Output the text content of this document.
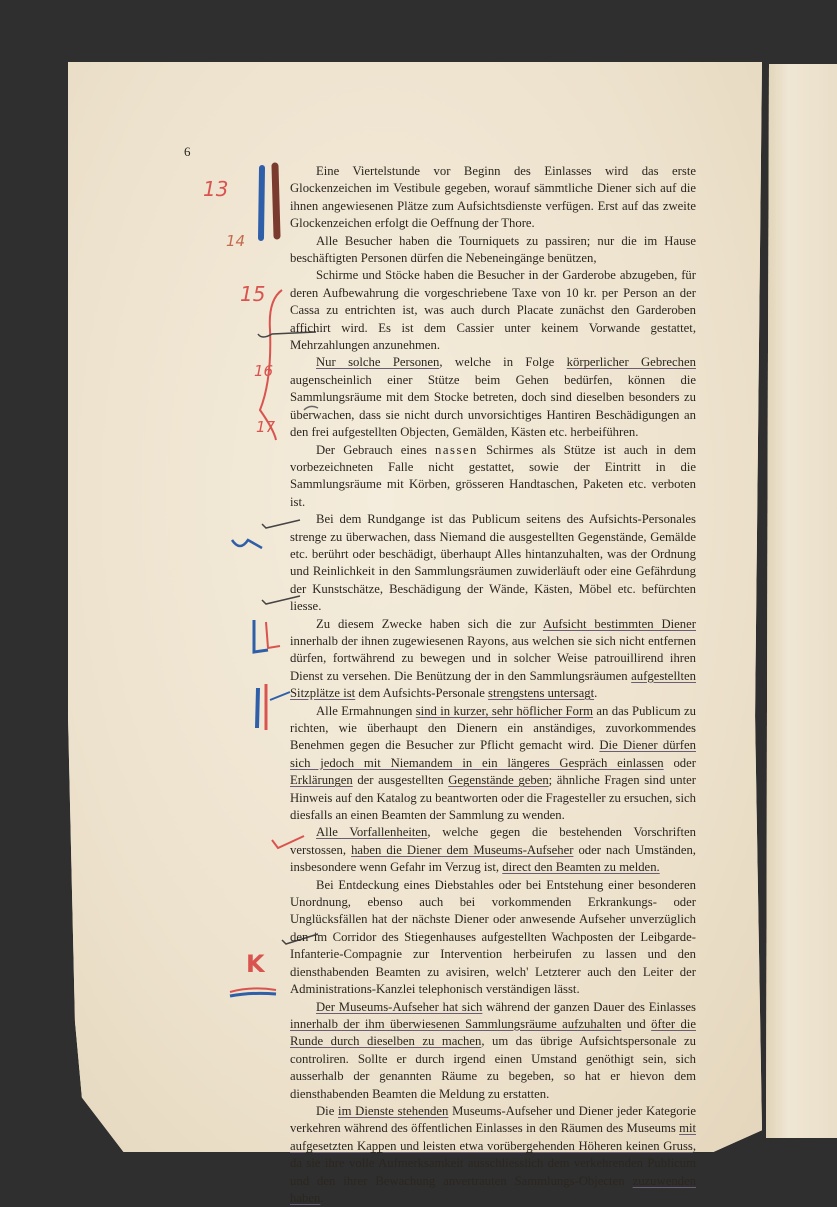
6
13
14
15
16
17
K

Eine Viertelstunde vor Beginn des Einlasses wird das erste Glockenzeichen im Vestibule gegeben, worauf sämmtliche Diener sich auf die ihnen angewiesenen Plätze zum Aufsichtsdienste verfügen. Erst auf das zweite Glockenzeichen erfolgt die Oeffnung der Thore.

Alle Besucher haben die Tourniquets zu passiren; nur die im Hause beschäftigten Personen dürfen die Nebeneingänge benützen,

Schirme und Stöcke haben die Besucher in der Garderobe abzugeben, für deren Aufbewahrung die vorgeschriebene Taxe von 10 kr. per Person an der Cassa zu entrichten ist, was auch durch Placate zunächst den Garderoben affichirt wird. Es ist dem Cassier unter keinem Vorwande gestattet, Mehrzahlungen anzunehmen.

Nur solche Personen, welche in Folge körperlicher Gebrechen augenscheinlich einer Stütze beim Gehen bedürfen, können die Sammlungsräume mit dem Stocke betreten, doch sind dieselben besonders zu überwachen, dass sie nicht durch unvorsichtiges Hantiren Beschädigungen an den frei aufgestellten Objecten, Gemälden, Kästen etc. herbeiführen.

Der Gebrauch eines nassen Schirmes als Stütze ist auch in dem vorbezeichneten Falle nicht gestattet, sowie der Eintritt in die Sammlungsräume mit Körben, grösseren Handtaschen, Paketen etc. verboten ist.

Bei dem Rundgange ist das Publicum seitens des Aufsichts-Personales strenge zu überwachen, dass Niemand die ausgestellten Gegenstände, Gemälde etc. berührt oder beschädigt, überhaupt Alles hintanzuhalten, was der Ordnung und Reinlichkeit in den Sammlungsräumen zuwiderläuft oder eine Gefährdung der Kunstschätze, Beschädigung der Wände, Kästen, Möbel etc. befürchten liesse.

Zu diesem Zwecke haben sich die zur Aufsicht bestimmten Diener innerhalb der ihnen zugewiesenen Rayons, aus welchen sie sich nicht entfernen dürfen, fortwährend zu bewegen und in solcher Weise patrouillirend ihren Dienst zu versehen. Die Benützung der in den Sammlungsräumen aufgestellten Sitzplätze ist dem Aufsichts-Personale strengstens untersagt.

Alle Ermahnungen sind in kurzer, sehr höflicher Form an das Publicum zu richten, wie überhaupt den Dienern ein anständiges, zuvorkommendes Benehmen gegen die Besucher zur Pflicht gemacht wird. Die Diener dürfen sich jedoch mit Niemandem in ein längeres Gespräch einlassen oder Erklärungen der ausgestellten Gegenstände geben; ähnliche Fragen sind unter Hinweis auf den Katalog zu beantworten oder die Fragesteller zu ersuchen, sich diesfalls an einen Beamten der Sammlung zu wenden.

Alle Vorfallenheiten, welche gegen die bestehenden Vorschriften verstossen, haben die Diener dem Museums-Aufseher oder nach Umständen, insbesondere wenn Gefahr im Verzug ist, direct den Beamten zu melden.

Bei Entdeckung eines Diebstahles oder bei Entstehung einer besonderen Unordnung, ebenso auch bei vorkommenden Erkrankungs- oder Unglücksfällen hat der nächste Diener oder anwesende Aufseher unverzüglich den im Corridor des Stiegenhauses aufgestellten Wachposten der Leibgarde-Infanterie-Compagnie zur Intervention herbeirufen zu lassen und den diensthabenden Beamten zu avisiren, welch' Letzterer auch den Leiter der Administrations-Kanzlei telephonisch verständigen lässt.

Der Museums-Aufseher hat sich während der ganzen Dauer des Einlasses innerhalb der ihm überwiesenen Sammlungsräume aufzuhalten und öfter die Runde durch dieselben zu machen, um das übrige Aufsichtspersonale zu controliren. Sollte er durch irgend einen Umstand genöthigt sein, sich ausserhalb der genannten Räume zu begeben, so hat er hievon dem diensthabenden Beamten die Meldung zu erstatten.

Die im Dienste stehenden Museums-Aufseher und Diener jeder Kategorie verkehren während des öffentlichen Einlasses in den Räumen des Museums mit aufgesetzten Kappen und leisten etwa vorübergehenden Höheren keinen Gruss, da sie ihre volle Aufmerksamkeit ausschliesslich dem verkehrenden Publicum und den ihrer Bewachung anvertrauten Sammlungs-Objecten zuzuwenden haben.
